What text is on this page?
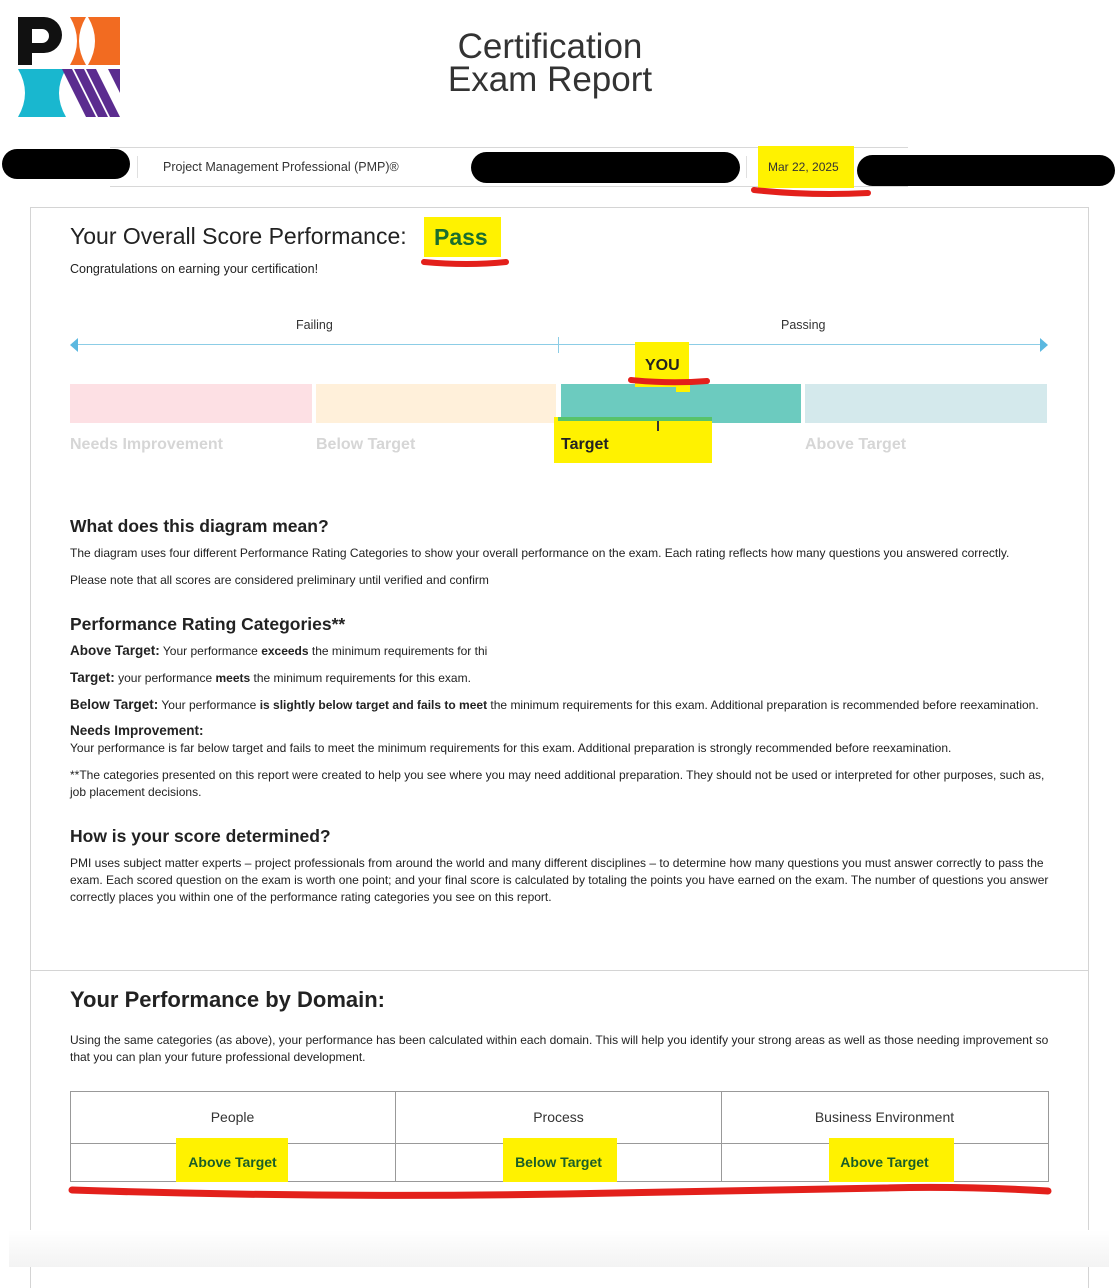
Certification
Exam Report
Project Management Professional (PMP)®	Mar 22, 2025
Your Overall Score Performance: Pass
Congratulations on earning your certification!
Failing	Passing
YOU
Needs Improvement	Below Target	Target	Above Target
What does this diagram mean?
The diagram uses four different Performance Rating Categories to show your overall performance on the exam. Each rating reflects how many questions you answered correctly.
Please note that all scores are considered preliminary until verified and confirm
Performance Rating Categories**
Above Target: Your performance exceeds the minimum requirements for thi
Target: your performance meets the minimum requirements for this exam.
Below Target: Your performance is slightly below target and fails to meet the minimum requirements for this exam. Additional preparation is recommended before reexamination.
Needs Improvement:
Your performance is far below target and fails to meet the minimum requirements for this exam. Additional preparation is strongly recommended before reexamination.
**The categories presented on this report were created to help you see where you may need additional preparation. They should not be used or interpreted for other purposes, such as,
job placement decisions.
How is your score determined?
PMI uses subject matter experts – project professionals from around the world and many different disciplines – to determine how many questions you must answer correctly to pass the
exam. Each scored question on the exam is worth one point; and your final score is calculated by totaling the points you have earned on the exam. The number of questions you answer
correctly places you within one of the performance rating categories you see on this report.
Your Performance by Domain:
Using the same categories (as above), your performance has been calculated within each domain. This will help you identify your strong areas as well as those needing improvement so
that you can plan your future professional development.
People	Process	Business Environment
Above Target	Below Target	Above Target
